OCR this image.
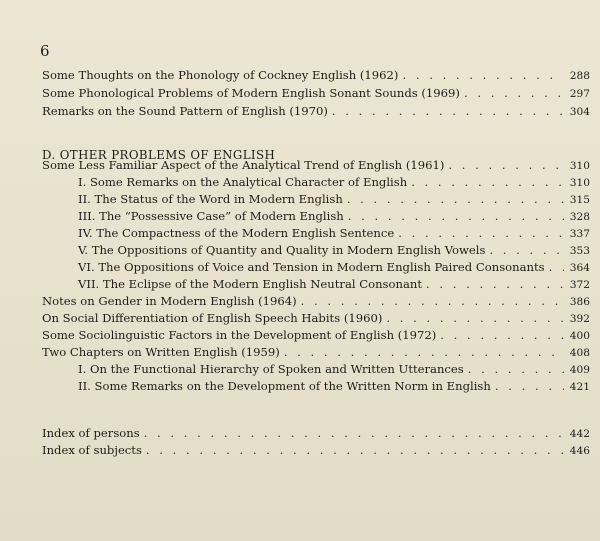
6
Some Thoughts on the Phonology of Cockney English (1962) . . .	288
Some Phonological Problems of Modern English Sonant Sounds (1969) . . .	297
Remarks on the Sound Pattern of English (1970) . . .	304
D. OTHER PROBLEMS OF ENGLISH
Some Less Familiar Aspect of the Analytical Trend of English (1961) . . .	310
I. Some Remarks on the Analytical Character of English . . .	310
II. The Status of the Word in Modern English . . .	315
III. The “Possessive Case” of Modern English . . .	328
IV. The Compactness of the Modern English Sentence . . .	337
V. The Oppositions of Quantity and Quality in Modern English Vowels . . .	353
VI. The Oppositions of Voice and Tension in Modern English Paired Consonants . . . 364
VII. The Eclipse of the Modern English Neutral Consonant . . .	372
Notes on Gender in Modern English (1964) . . .	386
On Social Differentiation of English Speech Habits (1960) . . .	392
Some Sociolinguistic Factors in the Development of English (1972) . . .	400
Two Chapters on Written English (1959) . . .	408
I. On the Functional Hierarchy of Spoken and Written Utterances . . .	409
II. Some Remarks on the Development of the Written Norm in English . . .	421
Index of persons . . .	442
Index of subjects . . .	446
